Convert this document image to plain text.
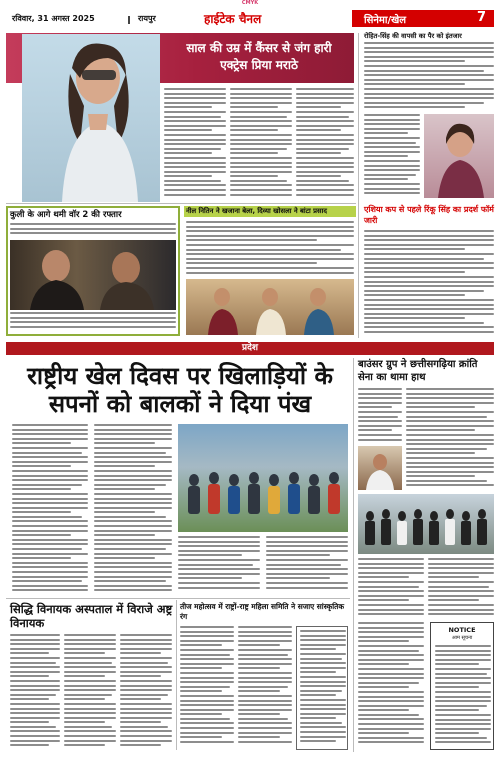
CMYK
रविवार, 31 अगस्त 2025	रायपुर	हाईटेक चैनल	सिनेमा/खेल	7
साल की उम्र में कैंसर से जंग हारी
एक्ट्रेस प्रिया मराठे
रोहित-सिंह की वापसी का पैर को इंतजार
एशिया कप से पहले रिंकू सिंह का प्रदर्श फॉर्म जारी
कुली के आगे थमी वॉर 2 की रफ्तार	नील नितिन ने खजाना बेला, दिव्या खोसला ने बांटा प्रसाद
प्रदेश
राष्ट्रीय खेल दिवस पर खिलाड़ियों के सपनों को बालकों ने दिया पंख
बाउंसर ग्रुप ने छत्तीसगढ़िया क्रांति सेना का थामा हाथ
NOTICE
आम सूचना
सिद्धि विनायक अस्पताल में विराजे अष्ट्र विनायक
तीज महोत्सव में राष्ट्रों-राष्ट्र महिला समिति ने सजाए सांस्कृतिक रंग
